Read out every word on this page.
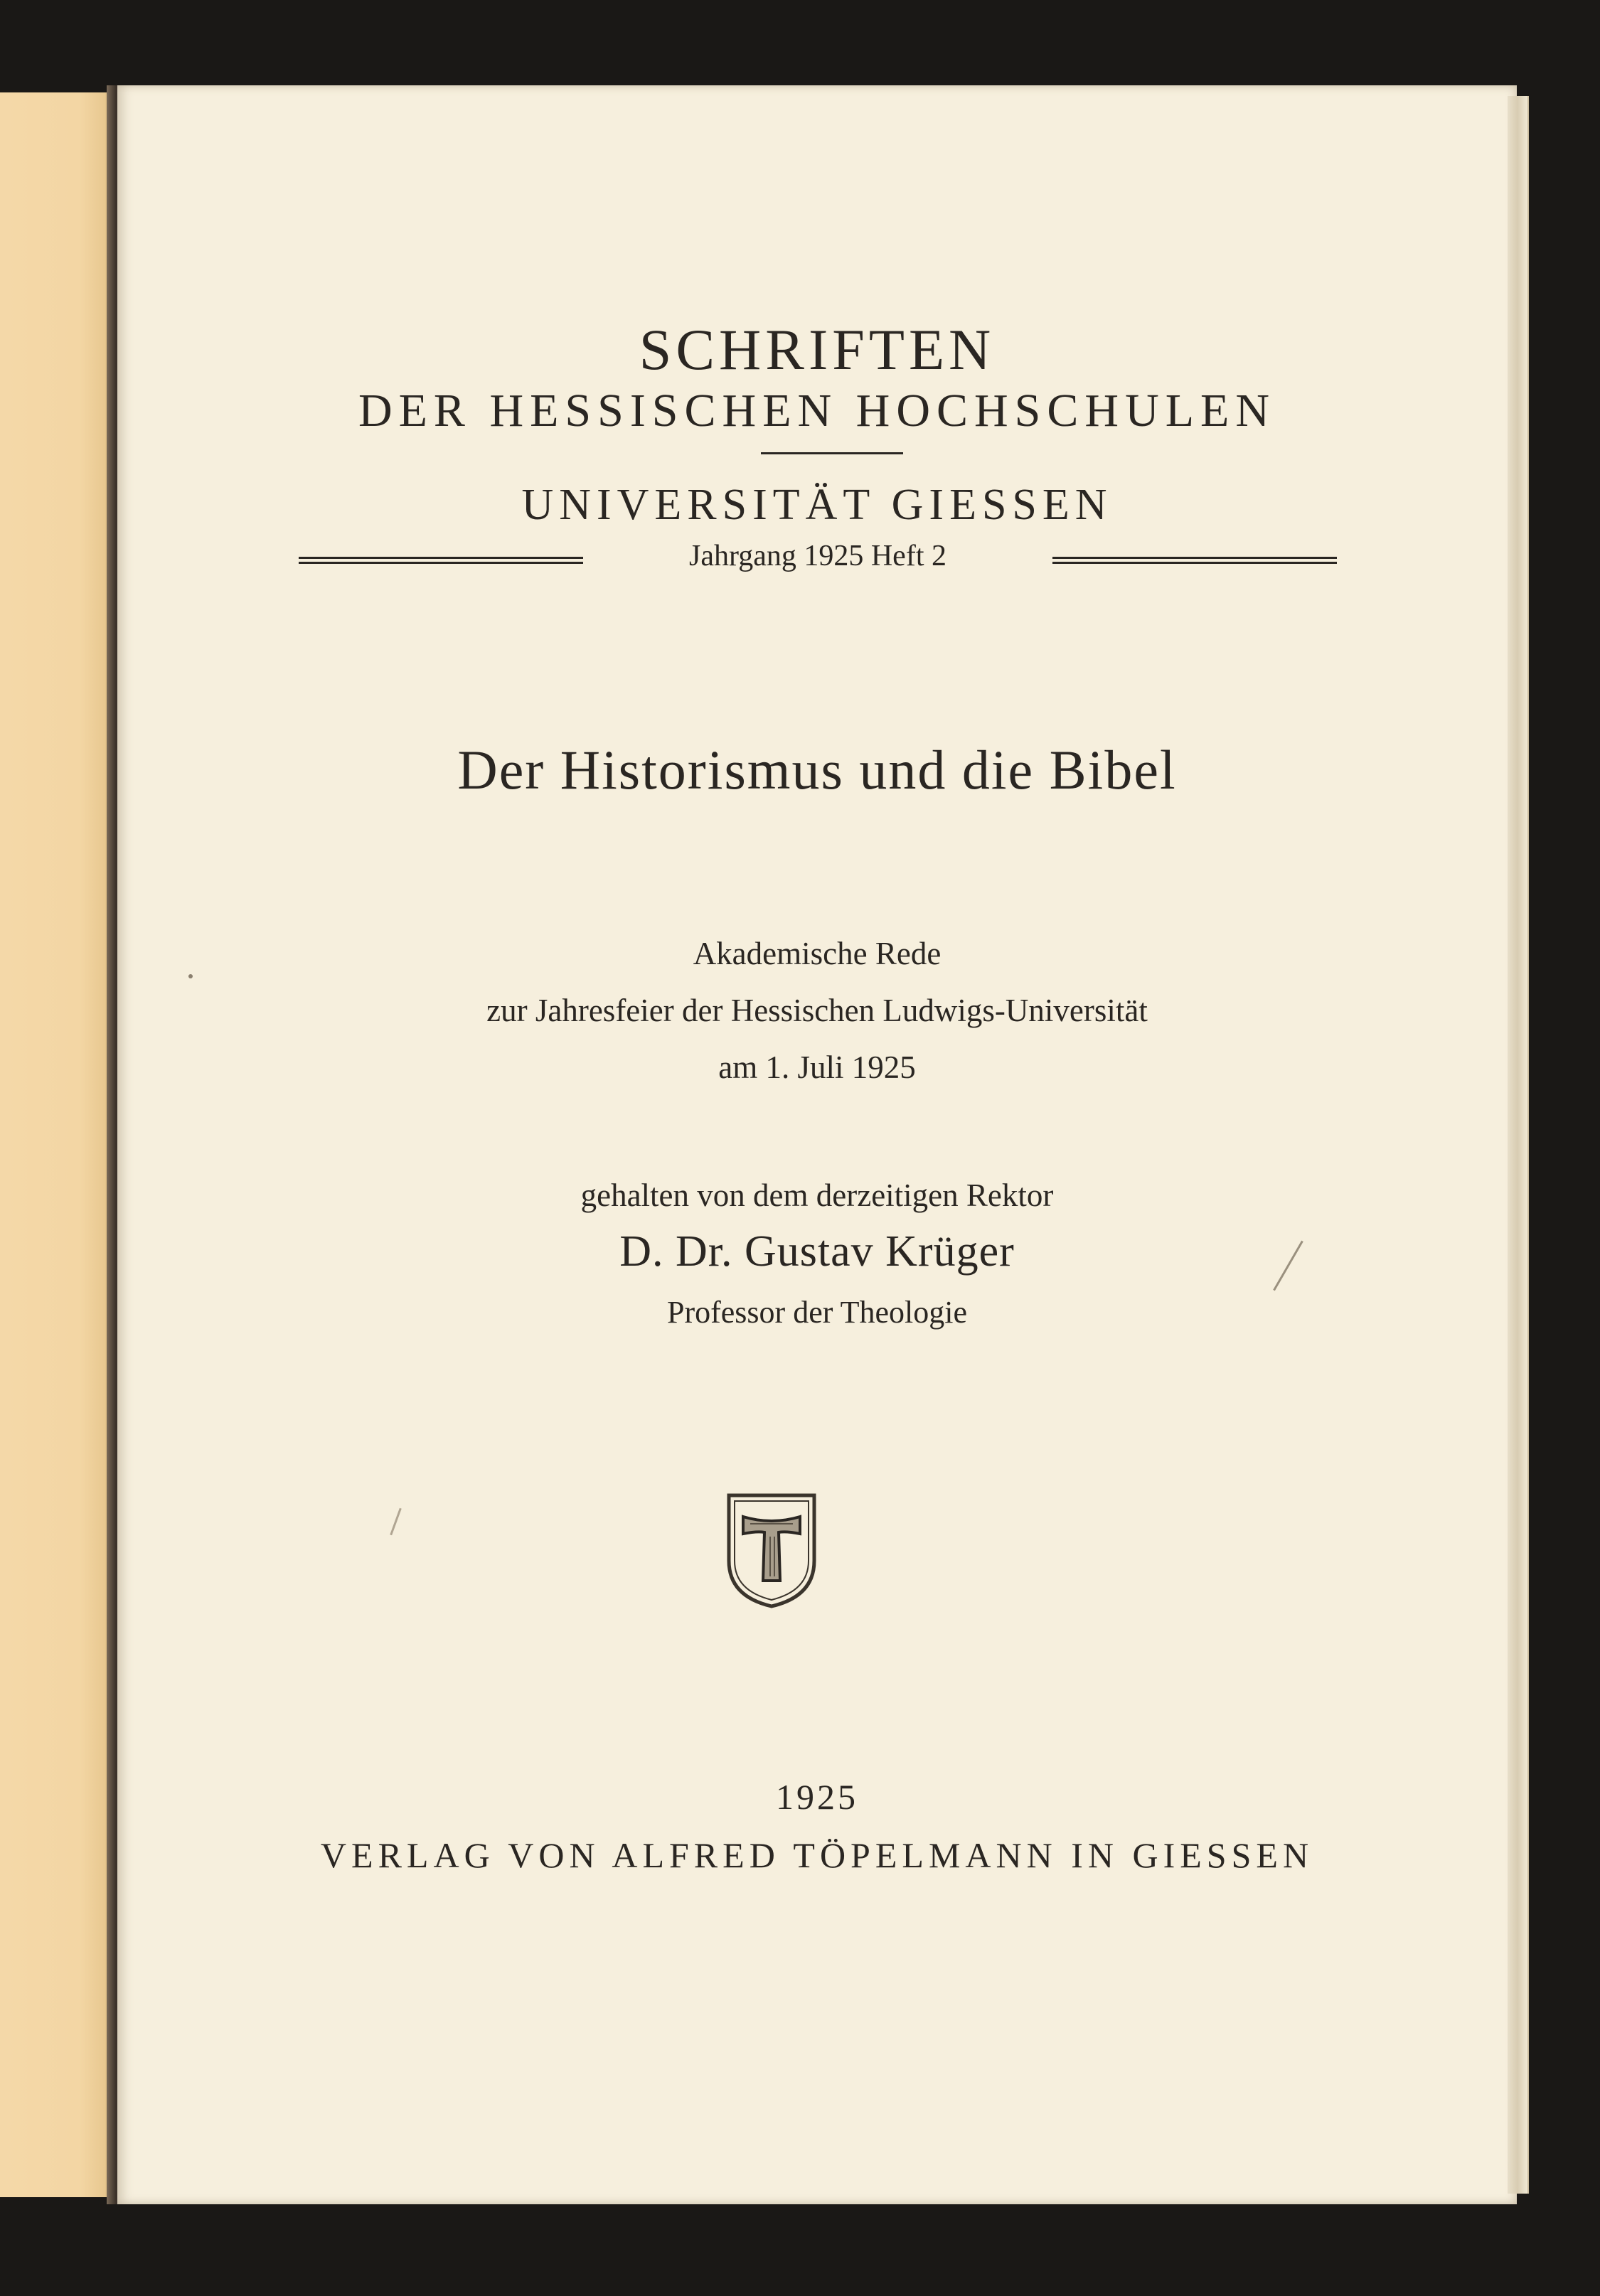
SCHRIFTEN
DER HESSISCHEN HOCHSCHULEN
UNIVERSITÄT GIESSEN
Jahrgang 1925 Heft 2
Der Historismus und die Bibel
Akademische Rede
zur Jahresfeier der Hessischen Ludwigs-Universität
am 1. Juli 1925
gehalten von dem derzeitigen Rektor
D. Dr. Gustav Krüger
Professor der Theologie
1925
VERLAG VON ALFRED TÖPELMANN IN GIESSEN
